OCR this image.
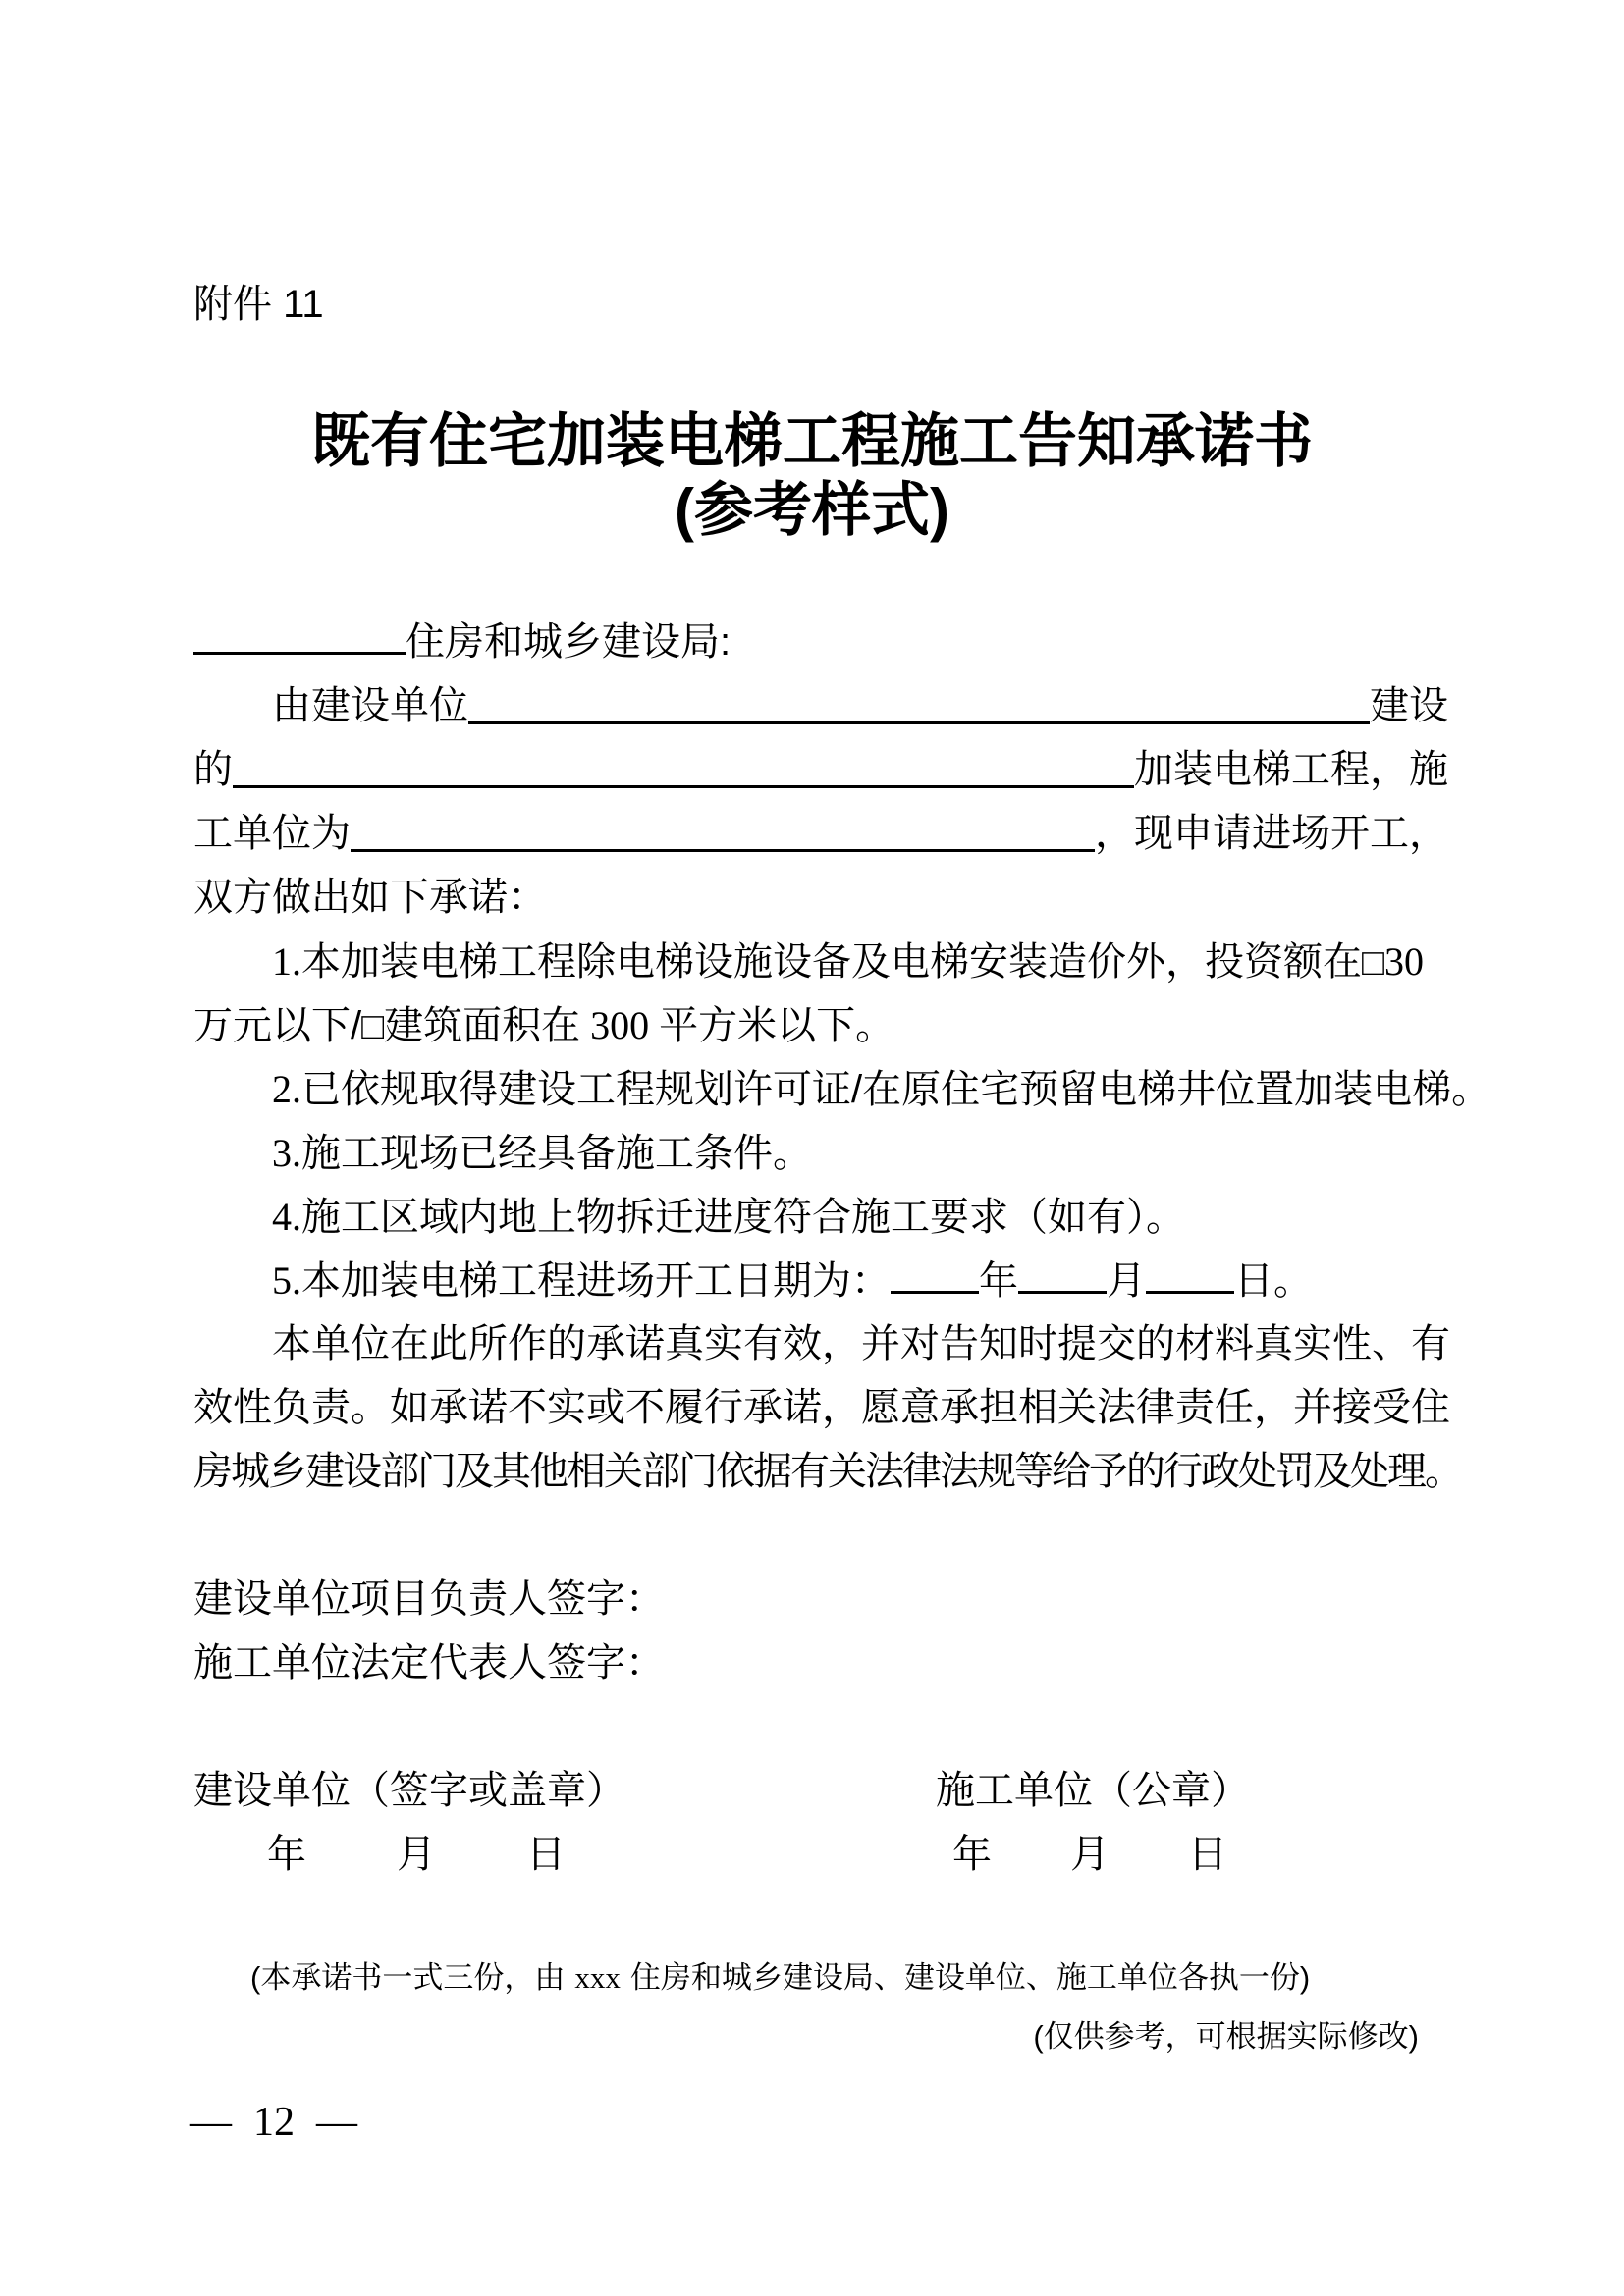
附件 11
既有住宅加装电梯工程施工告知承诺书
(参考样式)
住房和城乡建设局:
由建设单位	建设
的	加装电梯工程，施
工单位为	，现申请进场开工，
双方做出如下承诺：
1.本加装电梯工程除电梯设施设备及电梯安装造价外，投资额在□30
万元以下/□建筑面积在 300 平方米以下。
2.已依规取得建设工程规划许可证/在原住宅预留电梯井位置加装电梯。
3.施工现场已经具备施工条件。
4.施工区域内地上物拆迁进度符合施工要求（如有）。
5.本加装电梯工程进场开工日期为： 年 月 日。
本单位在此所作的承诺真实有效，并对告知时提交的材料真实性、有
效性负责。如承诺不实或不履行承诺，愿意承担相关法律责任，并接受住
房城乡建设部门及其他相关部门依据有关法律法规等给予的行政处罚及处理。
建设单位项目负责人签字：
施工单位法定代表人签字：
建设单位（签字或盖章）	施工单位（公章）
年 月 日	年 月 日
(本承诺书一式三份，由 xxx 住房和城乡建设局、建设单位、施工单位各执一份)
(仅供参考，可根据实际修改)
— 12 —
